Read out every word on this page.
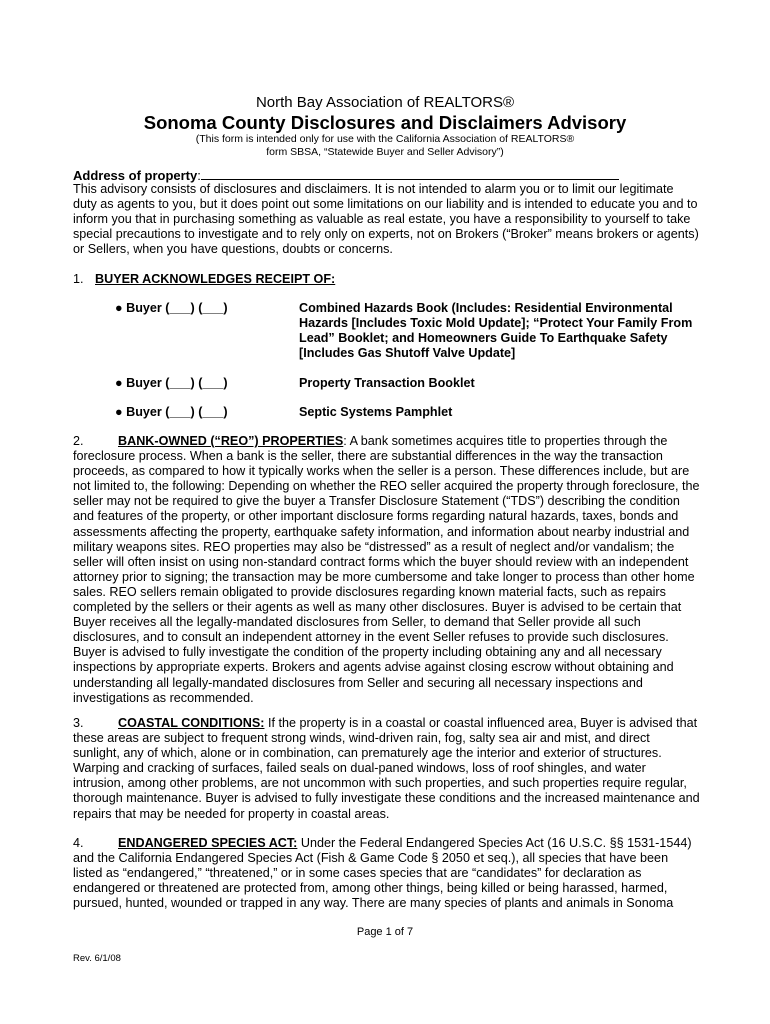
North Bay Association of REALTORS®
Sonoma County Disclosures and Disclaimers Advisory
(This form is intended only for use with the California Association of REALTORS®
form SBSA, “Statewide Buyer and Seller Advisory”)
Address of property:

This advisory consists of disclosures and disclaimers. It is not intended to alarm you or to limit our legitimate duty as agents to you, but it does point out some limitations on our liability and is intended to educate you and to inform you that in purchasing something as valuable as real estate, you have a responsibility to yourself to take special precautions to investigate and to rely only on experts, not on Brokers (“Broker” means brokers or agents) or Sellers, when you have questions, doubts or concerns.

1. BUYER ACKNOWLEDGES RECEIPT OF:
● Buyer (___) (___)	Combined Hazards Book (Includes: Residential Environmental Hazards [Includes Toxic Mold Update]; “Protect Your Family From Lead” Booklet; and Homeowners Guide To Earthquake Safety [Includes Gas Shutoff Valve Update]
● Buyer (___) (___)	Property Transaction Booklet
● Buyer (___) (___)	Septic Systems Pamphlet

2.	BANK-OWNED (“REO”) PROPERTIES: A bank sometimes acquires title to properties through the foreclosure process. When a bank is the seller, there are substantial differences in the way the transaction proceeds, as compared to how it typically works when the seller is a person. These differences include, but are not limited to, the following: Depending on whether the REO seller acquired the property through foreclosure, the seller may not be required to give the buyer a Transfer Disclosure Statement (“TDS”) describing the condition and features of the property, or other important disclosure forms regarding natural hazards, taxes, bonds and assessments affecting the property, earthquake safety information, and information about nearby industrial and military weapons sites. REO properties may also be “distressed” as a result of neglect and/or vandalism; the seller will often insist on using non-standard contract forms which the buyer should review with an independent attorney prior to signing; the transaction may be more cumbersome and take longer to process than other home sales. REO sellers remain obligated to provide disclosures regarding known material facts, such as repairs completed by the sellers or their agents as well as many other disclosures. Buyer is advised to be certain that Buyer receives all the legally-mandated disclosures from Seller, to demand that Seller provide all such disclosures, and to consult an independent attorney in the event Seller refuses to provide such disclosures. Buyer is advised to fully investigate the condition of the property including obtaining any and all necessary inspections by appropriate experts. Brokers and agents advise against closing escrow without obtaining and understanding all legally-mandated disclosures from Seller and securing all necessary inspections and investigations as recommended.

3.	COASTAL CONDITIONS: If the property is in a coastal or coastal influenced area, Buyer is advised that these areas are subject to frequent strong winds, wind-driven rain, fog, salty sea air and mist, and direct sunlight, any of which, alone or in combination, can prematurely age the interior and exterior of structures. Warping and cracking of surfaces, failed seals on dual-paned windows, loss of roof shingles, and water intrusion, among other problems, are not uncommon with such properties, and such properties require regular, thorough maintenance. Buyer is advised to fully investigate these conditions and the increased maintenance and repairs that may be needed for property in coastal areas.

4.	ENDANGERED SPECIES ACT: Under the Federal Endangered Species Act (16 U.S.C. §§ 1531-1544) and the California Endangered Species Act (Fish & Game Code § 2050 et seq.), all species that have been listed as “endangered,” “threatened,” or in some cases species that are “candidates” for declaration as endangered or threatened are protected from, among other things, being killed or being harassed, harmed, pursued, hunted, wounded or trapped in any way. There are many species of plants and animals in Sonoma

Page 1 of 7
Rev. 6/1/08
